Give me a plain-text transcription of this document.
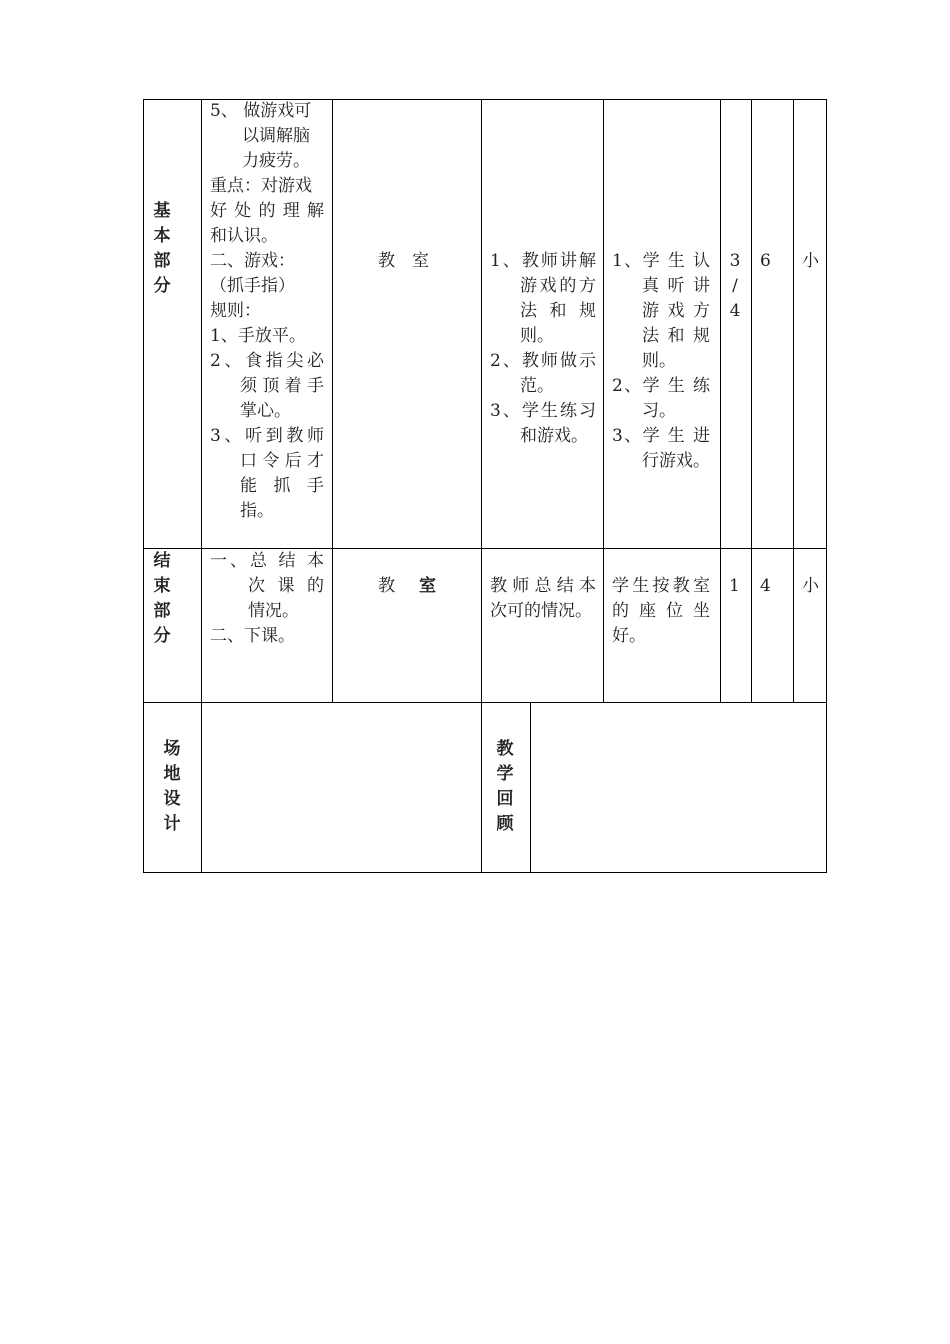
基
本
部
分
5、 做游戏可
以调解脑
力疲劳。
重点：对游戏
好处的理解
和认识。
二、游戏：
（抓手指）
规则：
1、手放平。
2、食指尖必
须顶着手
掌心。
3、听到教师
口令后才
能 抓 手
指。
教　室	1、教师讲解
游戏的方
法 和 规
则。
2、教师做示
范。
3、学生练习
和游戏。
1、学 生 认
真 听 讲
游戏方
法和规
则。
2、学 生 练
习。
3、学 生 进
行游戏。
3
/
4
6 小
结
束
部
分
一、总 结 本
次 课 的
情况。
二、下课。
教 室	教师总结本
次可的情况。
学生按教室
的 座 位 坐
好。
1 4 小
场
地
设
计
教
学
回
顾
